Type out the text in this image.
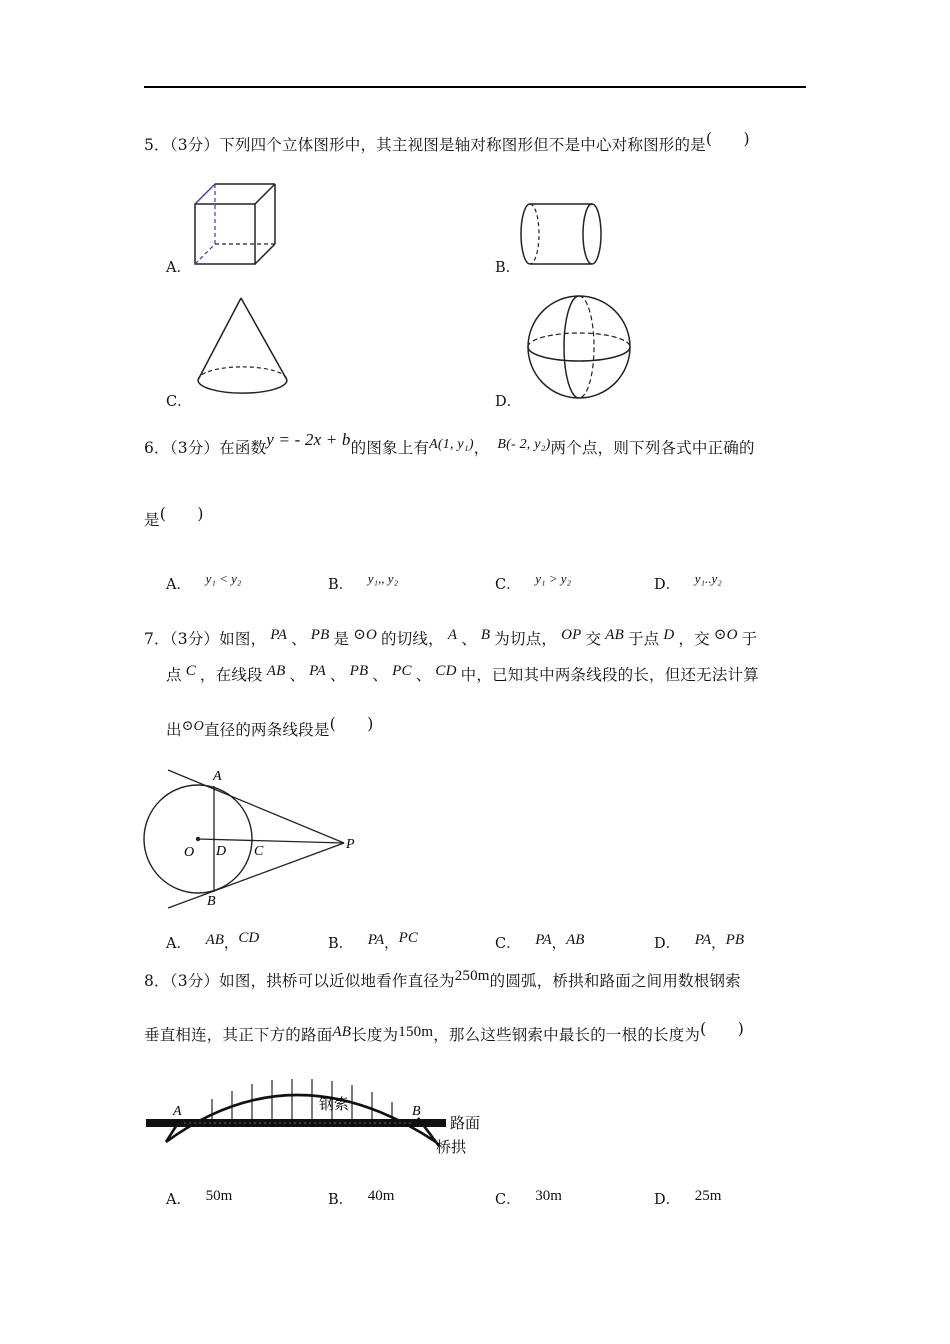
5．（3分）下列四个立体图形中，其主视图是轴对称图形但不是中心对称图形的是(　　)
A．	B．
C．	D．
6．（3分）在函数y = - 2x + b的图象上有A(1, y₁)， B(- 2, y₂)两个点，则下列各式中正确的
是(　　)
A． y₁ < y₂	B． y₁,, y₂	C． y₁ > y₂	D． y₁..y₂
7．（3分）如图， PA 、 PB 是 ⊙O 的切线， A 、 B 为切点， OP 交 AB 于点 D ，交 ⊙O 于
点 C ，在线段 AB 、 PA 、 PB 、 PC 、 CD 中，已知其中两条线段的长，但还无法计算
出⊙O直径的两条线段是(　　)
A
B
O D C	P
A． AB，CD	B． PA，PC	C． PA，AB	D． PA，PB
8．（3分）如图，拱桥可以近似地看作直径为250m的圆弧，桥拱和路面之间用数根钢索
垂直相连，其正下方的路面AB长度为150m，那么这些钢索中最长的一根的长度为(　　)
A	B
钢索
路面
桥拱
A． 50m	B． 40m	C． 30m	D． 25m
